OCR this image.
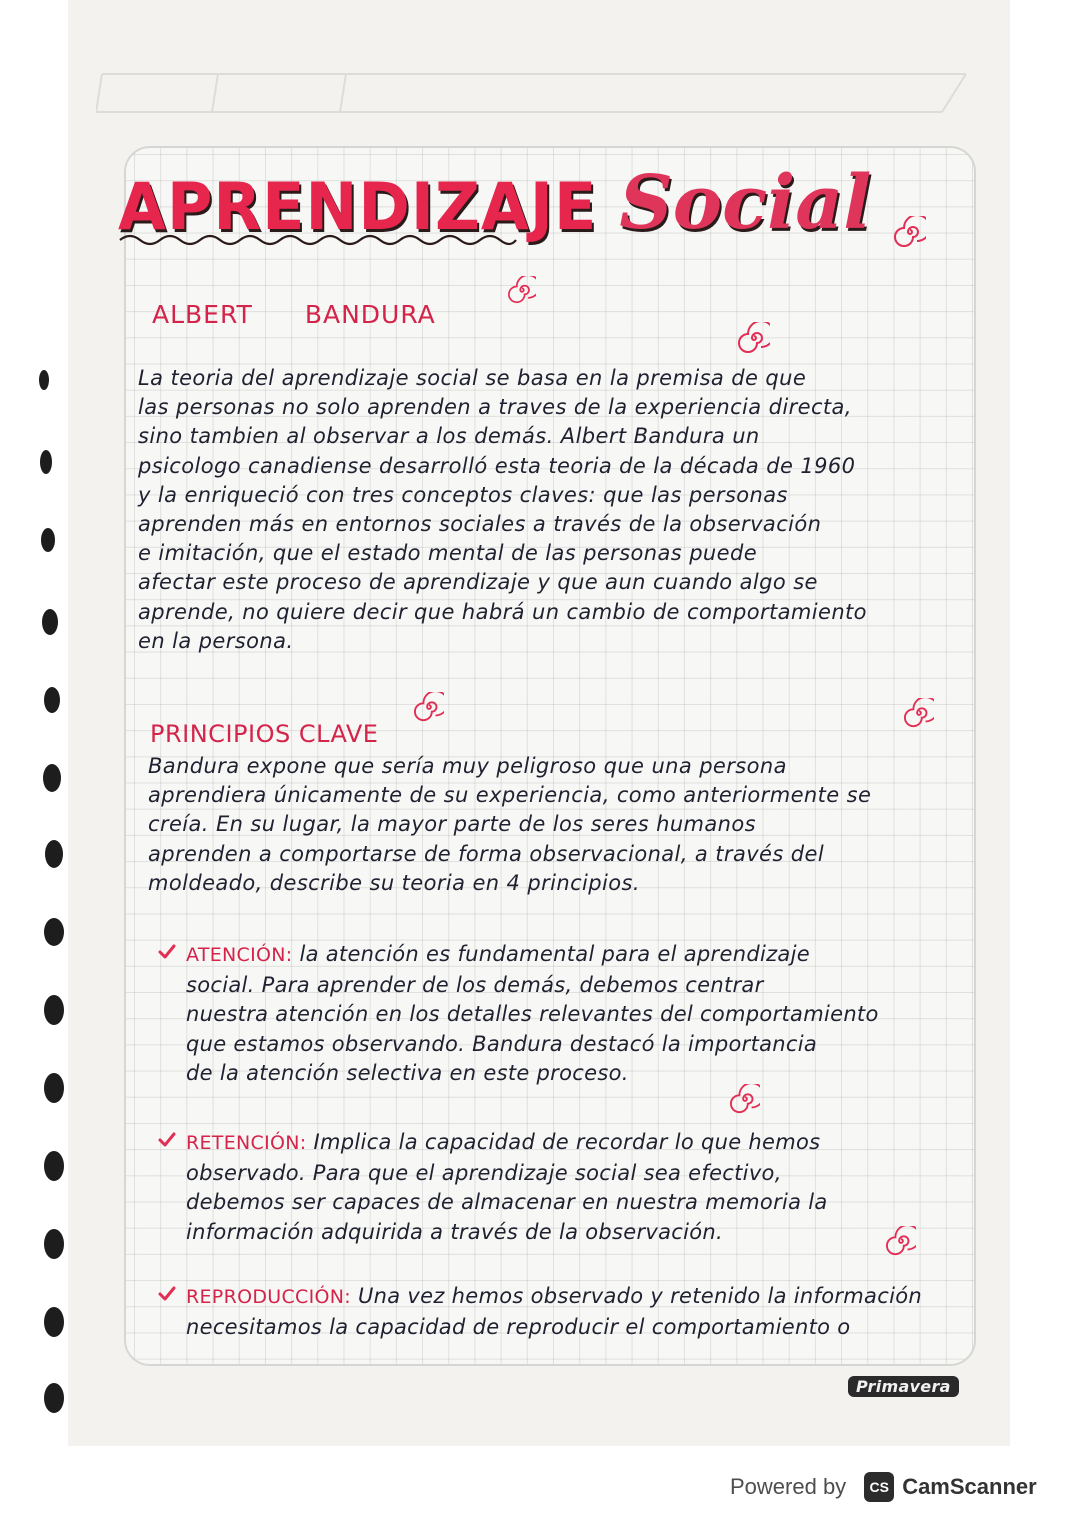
APRENDIZAJE Social
ALBERT BANDURA
La teoria del aprendizaje social se basa en la premisa de que
las personas no solo aprenden a traves de la experiencia directa,
sino tambien al observar a los demás. Albert Bandura un
psicologo canadiense desarrolló esta teoria de la década de 1960
y la enriqueció con tres conceptos claves: que las personas
aprenden más en entornos sociales a través de la observación
e imitación, que el estado mental de las personas puede
afectar este proceso de aprendizaje y que aun cuando algo se
aprende, no quiere decir que habrá un cambio de comportamiento
en la persona.
PRINCIPIOS CLAVE
Bandura expone que sería muy peligroso que una persona
aprendiera únicamente de su experiencia, como anteriormente se
creía. En su lugar, la mayor parte de los seres humanos
aprenden a comportarse de forma observacional, a través del
moldeado, describe su teoria en 4 principios.
ATENCIÓN: la atención es fundamental para el aprendizaje
social. Para aprender de los demás, debemos centrar
nuestra atención en los detalles relevantes del comportamiento
que estamos observando. Bandura destacó la importancia
de la atención selectiva en este proceso.
RETENCIÓN: Implica la capacidad de recordar lo que hemos
observado. Para que el aprendizaje social sea efectivo,
debemos ser capaces de almacenar en nuestra memoria la
información adquirida a través de la observación.
REPRODUCCIÓN: Una vez hemos observado y retenido la información
necesitamos la capacidad de reproducir el comportamiento o
Primavera
Powered by	CS CamScanner
